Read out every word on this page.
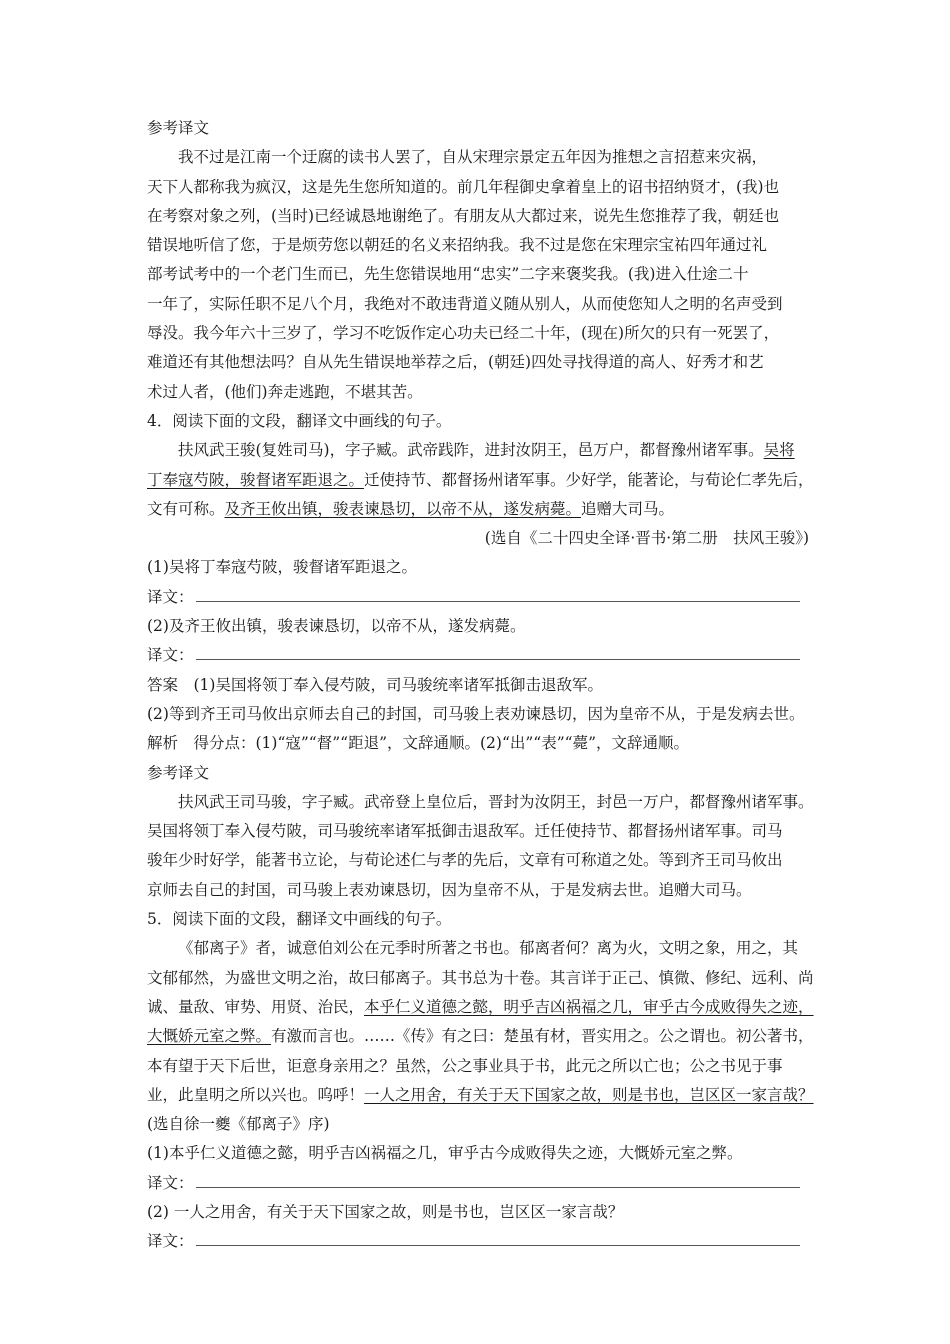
参考译文
我不过是江南一个迂腐的读书人罢了，自从宋理宗景定五年因为推想之言招惹来灾祸，
天下人都称我为疯汉，这是先生您所知道的。前几年程御史拿着皇上的诏书招纳贤才，(我)也
在考察对象之列，(当时)已经诚恳地谢绝了。有朋友从大都过来，说先生您推荐了我，朝廷也
错误地听信了您，于是烦劳您以朝廷的名义来招纳我。我不过是您在宋理宗宝祐四年通过礼
部考试考中的一个老门生而已，先生您错误地用“忠实”二字来褒奖我。(我)进入仕途二十
一年了，实际任职不足八个月，我绝对不敢违背道义随从别人，从而使您知人之明的名声受到
辱没。我今年六十三岁了，学习不吃饭作定心功夫已经二十年，(现在)所欠的只有一死罢了，
难道还有其他想法吗？自从先生错误地举荐之后，(朝廷)四处寻找得道的高人、好秀才和艺
术过人者，(他们)奔走逃跑，不堪其苦。
4．阅读下面的文段，翻译文中画线的句子。
扶风武王骏(复姓司马)，字子臧。武帝践阼，进封汝阴王，邑万户，都督豫州诸军事。吴将
丁奉寇芍陂，骏督诸军距退之。迁使持节、都督扬州诸军事。少好学，能著论，与荀论仁孝先后，
文有可称。及齐王攸出镇，骏表谏恳切，以帝不从，遂发病薨。追赠大司马。
(选自《二十四史全译·晋书·第二册　扶风王骏》)
(1)吴将丁奉寇芍陂，骏督诸军距退之。
译文：
(2)及齐王攸出镇，骏表谏恳切，以帝不从，遂发病薨。
译文：
答案　(1)吴国将领丁奉入侵芍陂，司马骏统率诸军抵御击退敌军。
(2)等到齐王司马攸出京师去自己的封国，司马骏上表劝谏恳切，因为皇帝不从，于是发病去世。
解析　得分点：(1)“寇”“督”“距退”，文辞通顺。(2)“出”“表”“薨”，文辞通顺。
参考译文
扶风武王司马骏，字子臧。武帝登上皇位后，晋封为汝阴王，封邑一万户，都督豫州诸军事。
吴国将领丁奉入侵芍陂，司马骏统率诸军抵御击退敌军。迁任使持节、都督扬州诸军事。司马
骏年少时好学，能著书立论，与荀论述仁与孝的先后，文章有可称道之处。等到齐王司马攸出
京师去自己的封国，司马骏上表劝谏恳切，因为皇帝不从，于是发病去世。追赠大司马。
5．阅读下面的文段，翻译文中画线的句子。
《郁离子》者，诚意伯刘公在元季时所著之书也。郁离者何？离为火，文明之象，用之，其
文郁郁然，为盛世文明之治，故曰郁离子。其书总为十卷。其言详于正己、慎微、修纪、远利、尚
诚、量敌、审势、用贤、治民，本乎仁义道德之懿，明乎吉凶祸福之几，审乎古今成败得失之迹，
大慨娇元室之弊。有激而言也。……《传》有之曰：楚虽有材，晋实用之。公之谓也。初公著书，
本有望于天下后世，讵意身亲用之？虽然，公之事业具于书，此元之所以亡也；公之书见于事
业，此皇明之所以兴也。呜呼！一人之用舍，有关于天下国家之故，则是书也，岂区区一家言哉？
(选自徐一夔《郁离子》序)
(1)本乎仁义道德之懿，明乎吉凶祸福之几，审乎古今成败得失之迹，大慨娇元室之弊。
译文：
(2) 一人之用舍，有关于天下国家之故，则是书也，岂区区一家言哉？
译文：
